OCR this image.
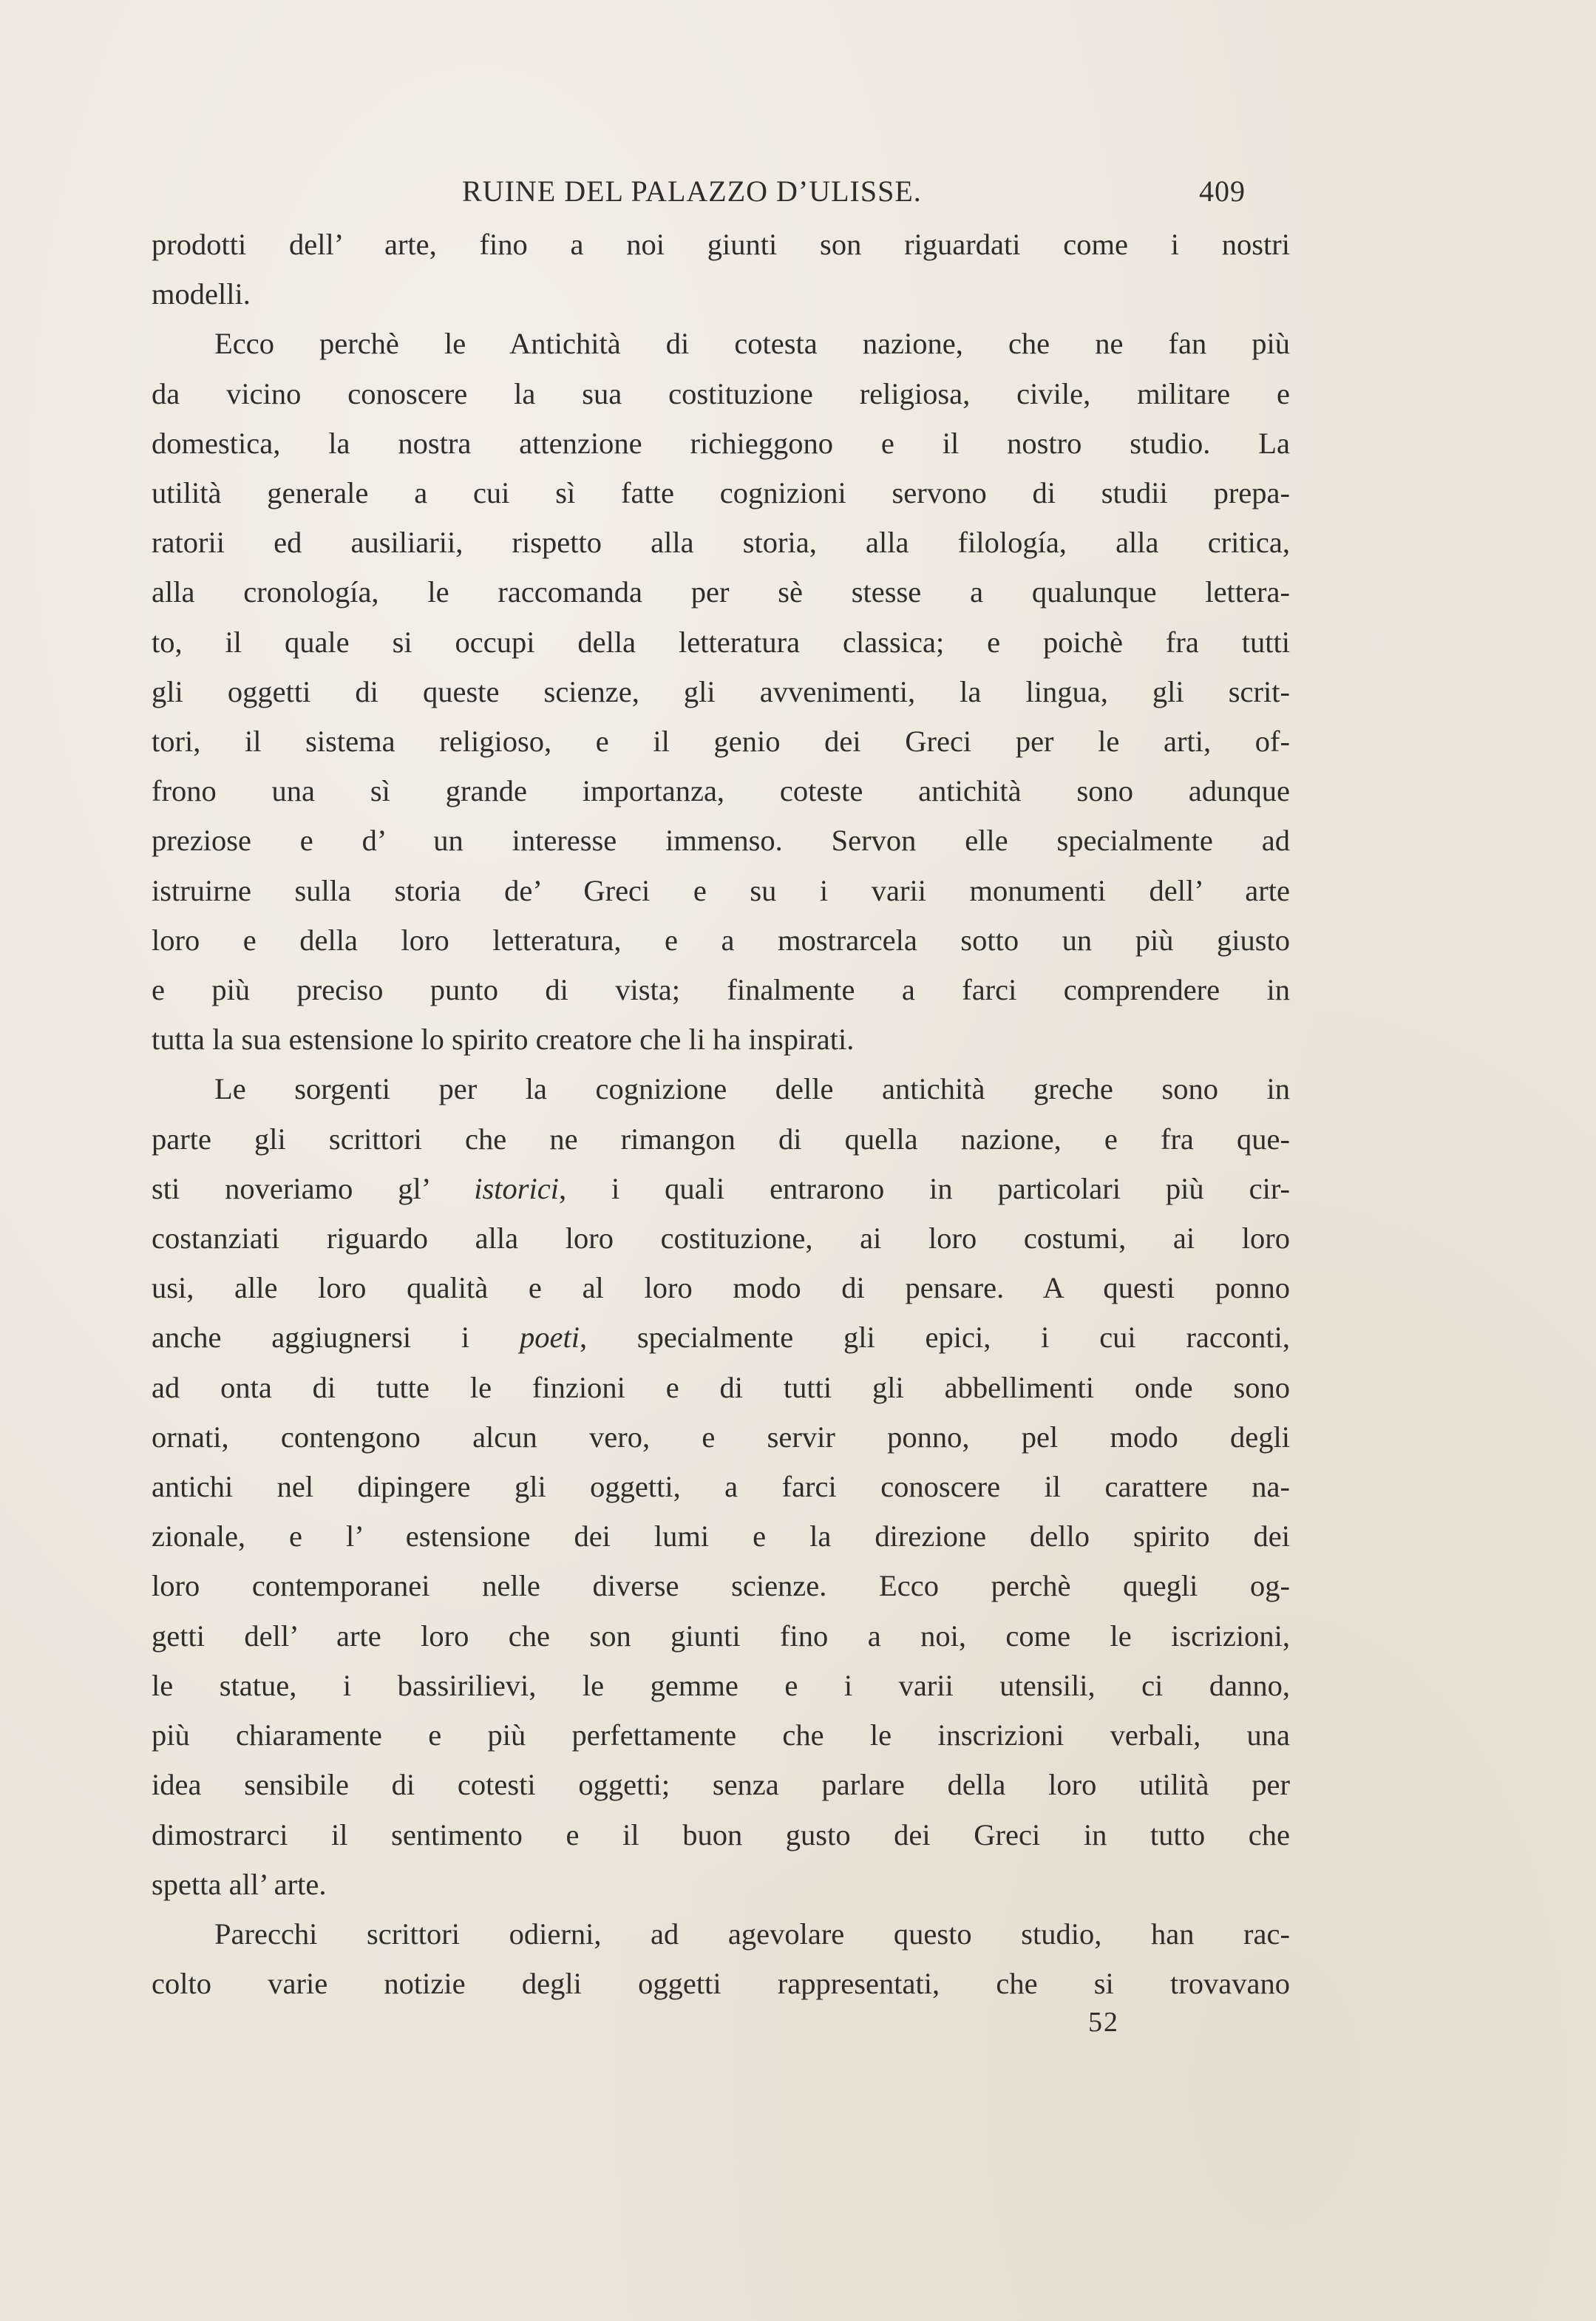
RUINE DEL PALAZZO D’ULISSE.	409

prodotti dell’ arte, fino a noi giunti son riguardati come i nostri

modelli.

Ecco perchè le Antichità di cotesta nazione, che ne fan più

da vicino conoscere la sua costituzione religiosa, civile, militare e

domestica, la nostra attenzione richieggono e il nostro studio. La

utilità generale a cui sì fatte cognizioni servono di studii prepa-

ratorii ed ausiliarii, rispetto alla storia, alla filología, alla critica,

alla cronología, le raccomanda per sè stesse a qualunque lettera-

to, il quale si occupi della letteratura classica; e poichè fra tutti

gli oggetti di queste scienze, gli avvenimenti, la lingua, gli scrit-

tori, il sistema religioso, e il genio dei Greci per le arti, of-

frono una sì grande importanza, coteste antichità sono adunque

preziose e d’ un interesse immenso. Servon elle specialmente ad

istruirne sulla storia de’ Greci e su i varii monumenti dell’ arte

loro e della loro letteratura, e a mostrarcela sotto un più giusto

e più preciso punto di vista; finalmente a farci comprendere in

tutta la sua estensione lo spirito creatore che li ha inspirati.

Le sorgenti per la cognizione delle antichità greche sono in

parte gli scrittori che ne rimangon di quella nazione, e fra que-

sti noveriamo gl’ istorici, i quali entrarono in particolari più cir-

costanziati riguardo alla loro costituzione, ai loro costumi, ai loro

usi, alle loro qualità e al loro modo di pensare. A questi ponno

anche aggiugnersi i poeti, specialmente gli epici, i cui racconti,

ad onta di tutte le finzioni e di tutti gli abbellimenti onde sono

ornati, contengono alcun vero, e servir ponno, pel modo degli

antichi nel dipingere gli oggetti, a farci conoscere il carattere na-

zionale, e l’ estensione dei lumi e la direzione dello spirito dei

loro contemporanei nelle diverse scienze. Ecco perchè quegli og-

getti dell’ arte loro che son giunti fino a noi, come le iscrizioni,

le statue, i bassirilievi, le gemme e i varii utensili, ci danno,

più chiaramente e più perfettamente che le inscrizioni verbali, una

idea sensibile di cotesti oggetti; senza parlare della loro utilità per

dimostrarci il sentimento e il buon gusto dei Greci in tutto che

spetta all’ arte.

Parecchi scrittori odierni, ad agevolare questo studio, han rac-

colto varie notizie degli oggetti rappresentati, che si trovavano

52
